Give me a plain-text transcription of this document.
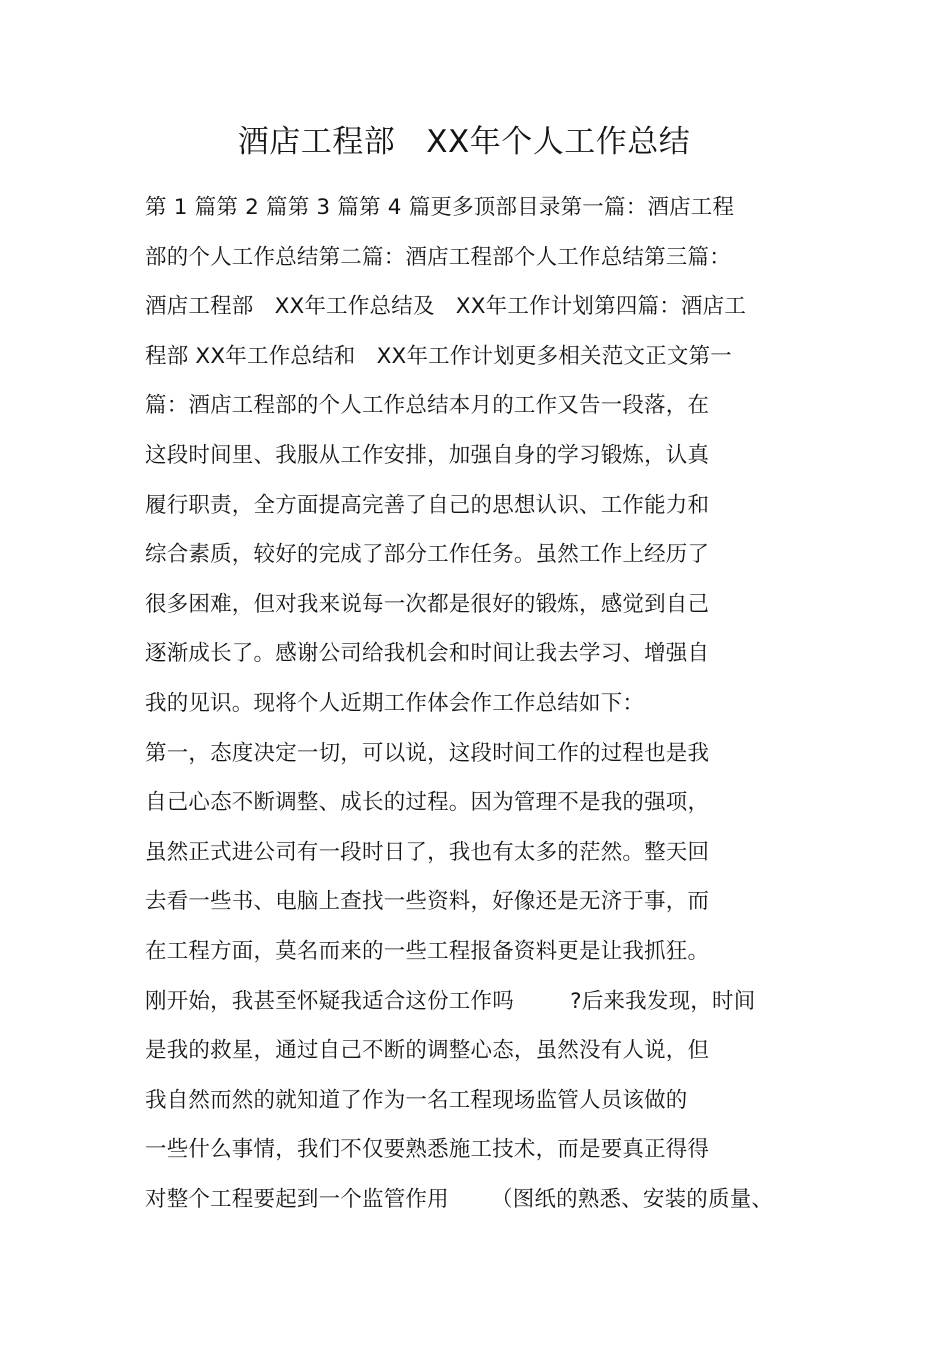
酒店工程部   XX年个人工作总结
第 1 篇第 2 篇第 3 篇第 4 篇更多顶部目录第一篇：酒店工程
部的个人工作总结第二篇：酒店工程部个人工作总结第三篇：
酒店工程部   XX年工作总结及   XX年工作计划第四篇：酒店工
程部 XX年工作总结和   XX年工作计划更多相关范文正文第一
篇：酒店工程部的个人工作总结本月的工作又告一段落，在
这段时间里、我服从工作安排，加强自身的学习锻炼，认真
履行职责，全方面提高完善了自己的思想认识、工作能力和
综合素质，较好的完成了部分工作任务。虽然工作上经历了
很多困难，但对我来说每一次都是很好的锻炼，感觉到自己
逐渐成长了。感谢公司给我机会和时间让我去学习、增强自
我的见识。现将个人近期工作体会作工作总结如下：
第一，态度决定一切，可以说，这段时间工作的过程也是我
自己心态不断调整、成长的过程。因为管理不是我的强项，
虽然正式进公司有一段时日了，我也有太多的茫然。整天回
去看一些书、电脑上查找一些资料，好像还是无济于事，而
在工程方面，莫名而来的一些工程报备资料更是让我抓狂。
刚开始，我甚至怀疑我适合这份工作吗        ?后来我发现，时间
是我的救星，通过自己不断的调整心态，虽然没有人说，但
我自然而然的就知道了作为一名工程现场监管人员该做的
一些什么事情，我们不仅要熟悉施工技术，而是要真正得得
对整个工程要起到一个监管作用      （图纸的熟悉、安装的质量、
